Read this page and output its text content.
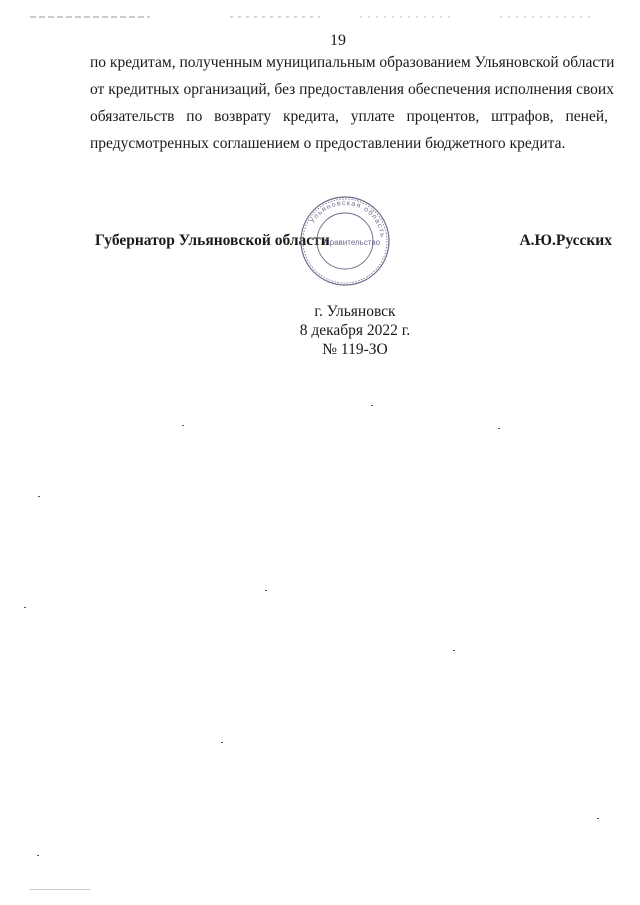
19
по кредитам, полученным муниципальным образованием Ульяновской области
от кредитных организаций, без предоставления обеспечения исполнения своих
обязательств по возврату кредита, уплате процентов, штрафов, пеней,
предусмотренных соглашением о предоставлении бюджетного кредита.
Губернатор Ульяновской области	А.Ю.Русских
Ульяновская область
Правительство
г. Ульяновск
8 декабря 2022 г.
№ 119-ЗО
